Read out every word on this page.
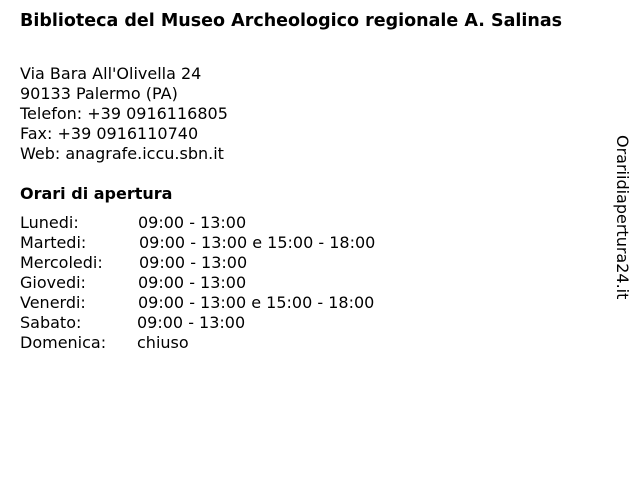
Biblioteca del Museo Archeologico regionale A. Salinas
Via Bara All'Olivella 24
90133 Palermo (PA)
Telefon: +39 0916116805
Fax: +39 0916110740
Web: anagrafe.iccu.sbn.it
Orari di apertura
Lunedi:	09:00 - 13:00
Martedi:	09:00 - 13:00 e 15:00 - 18:00
Mercoledi: 09:00 - 13:00
Giovedi:	09:00 - 13:00
Venerdi:	09:00 - 13:00 e 15:00 - 18:00
Sabato:	09:00 - 13:00
Domenica: chiuso
Orariidiapertura24.it
